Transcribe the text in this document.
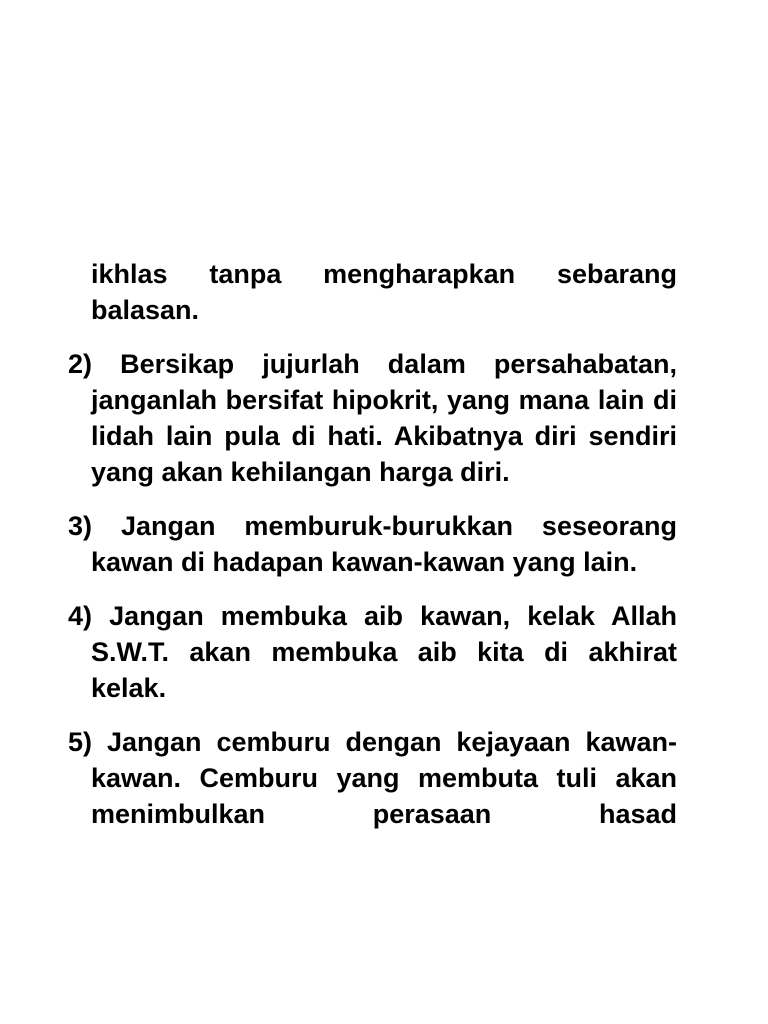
ikhlas tanpa mengharapkan sebarang balasan.

2) Bersikap jujurlah dalam persahabatan, janganlah bersifat hipokrit, yang mana lain di lidah lain pula di hati. Akibatnya diri sendiri yang akan kehilangan harga diri.

3) Jangan memburuk-burukkan seseorang kawan di hadapan kawan-kawan yang lain.

4) Jangan membuka aib kawan, kelak Allah S.W.T. akan membuka aib kita di akhirat kelak.

5) Jangan cemburu dengan kejayaan kawan-kawan. Cemburu yang membuta tuli akan menimbulkan perasaan hasad
